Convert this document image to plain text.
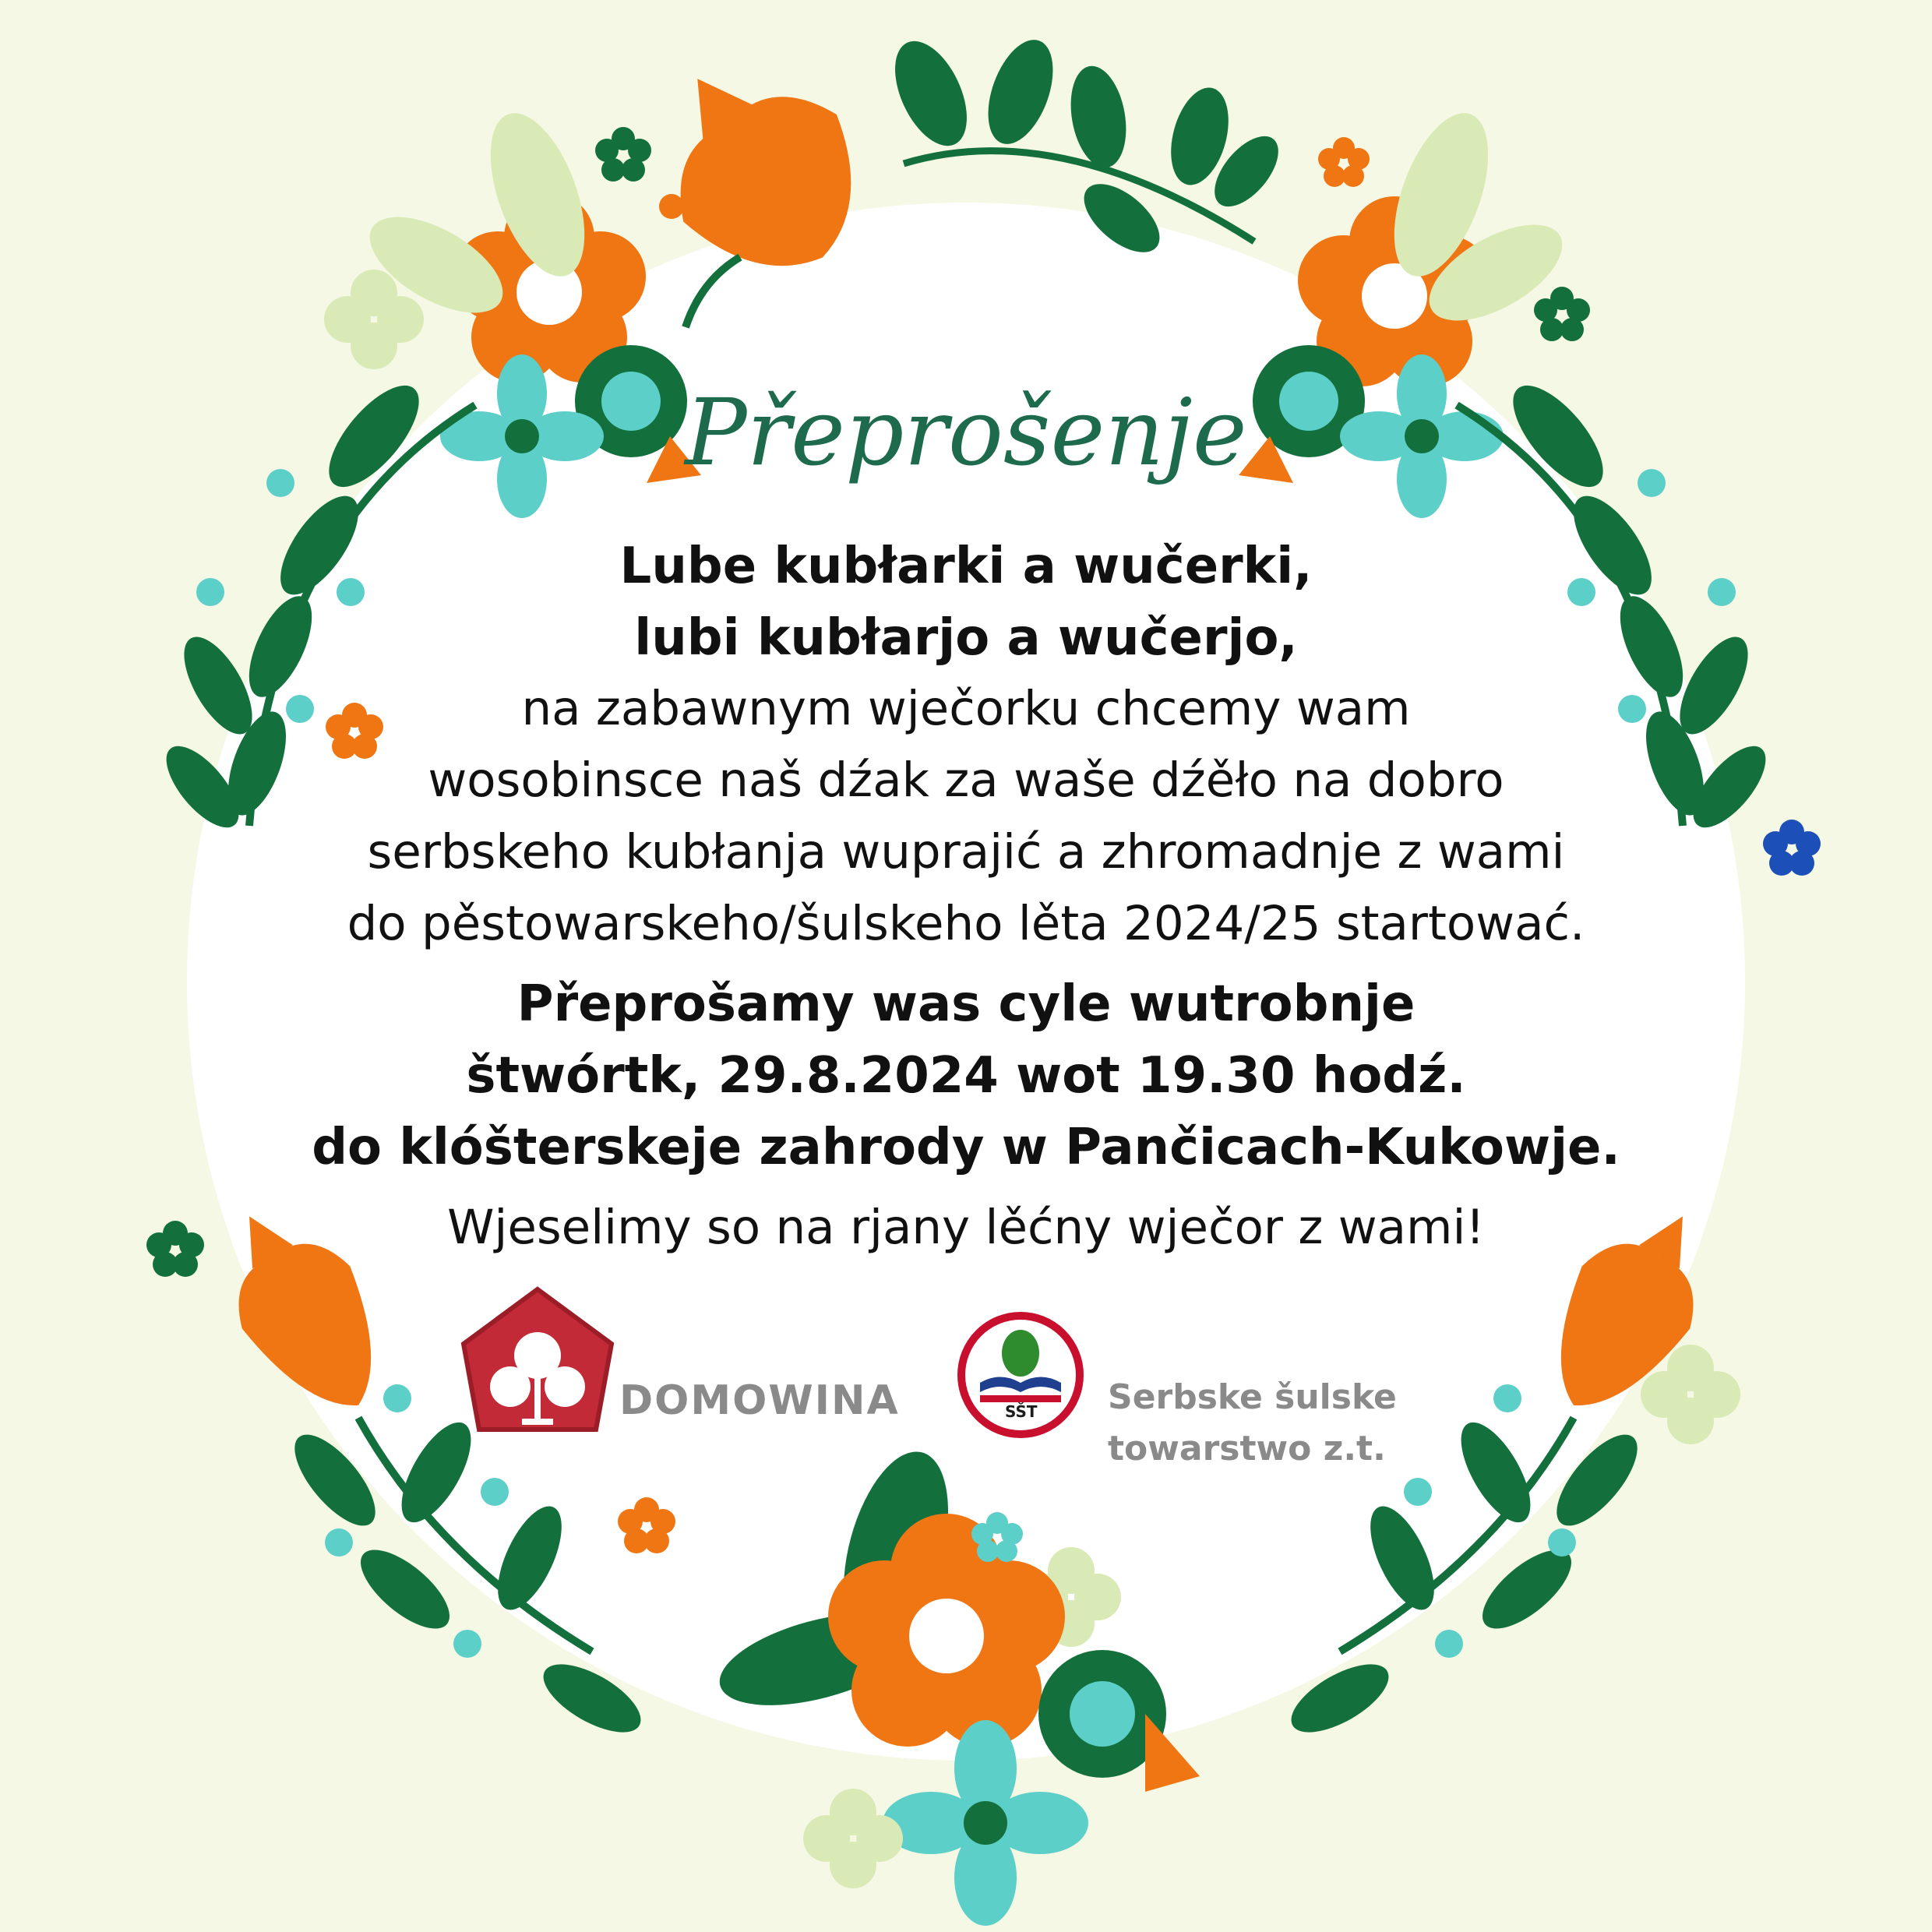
Přeprošenje
Lube kubłarki a wučerki,
lubi kubłarjo a wučerjo,
na zabawnym wječorku chcemy wam
wosobinsce naš dźak za waše dźěło na dobro
serbskeho kubłanja wuprajić a zhromadnje z wami
do pěstowarskeho/šulskeho lěta 2024/25 startować.
Přeprošamy was cyle wutrobnje
štwórtk, 29.8.2024 wot 19.30 hodź.
do klóšterskeje zahrody w Pančicach-Kukowje.
Wjeselimy so na rjany lěćny wječor z wami!
DOMOWINA	SŠT Serbske šulske
towarstwo z.t.
